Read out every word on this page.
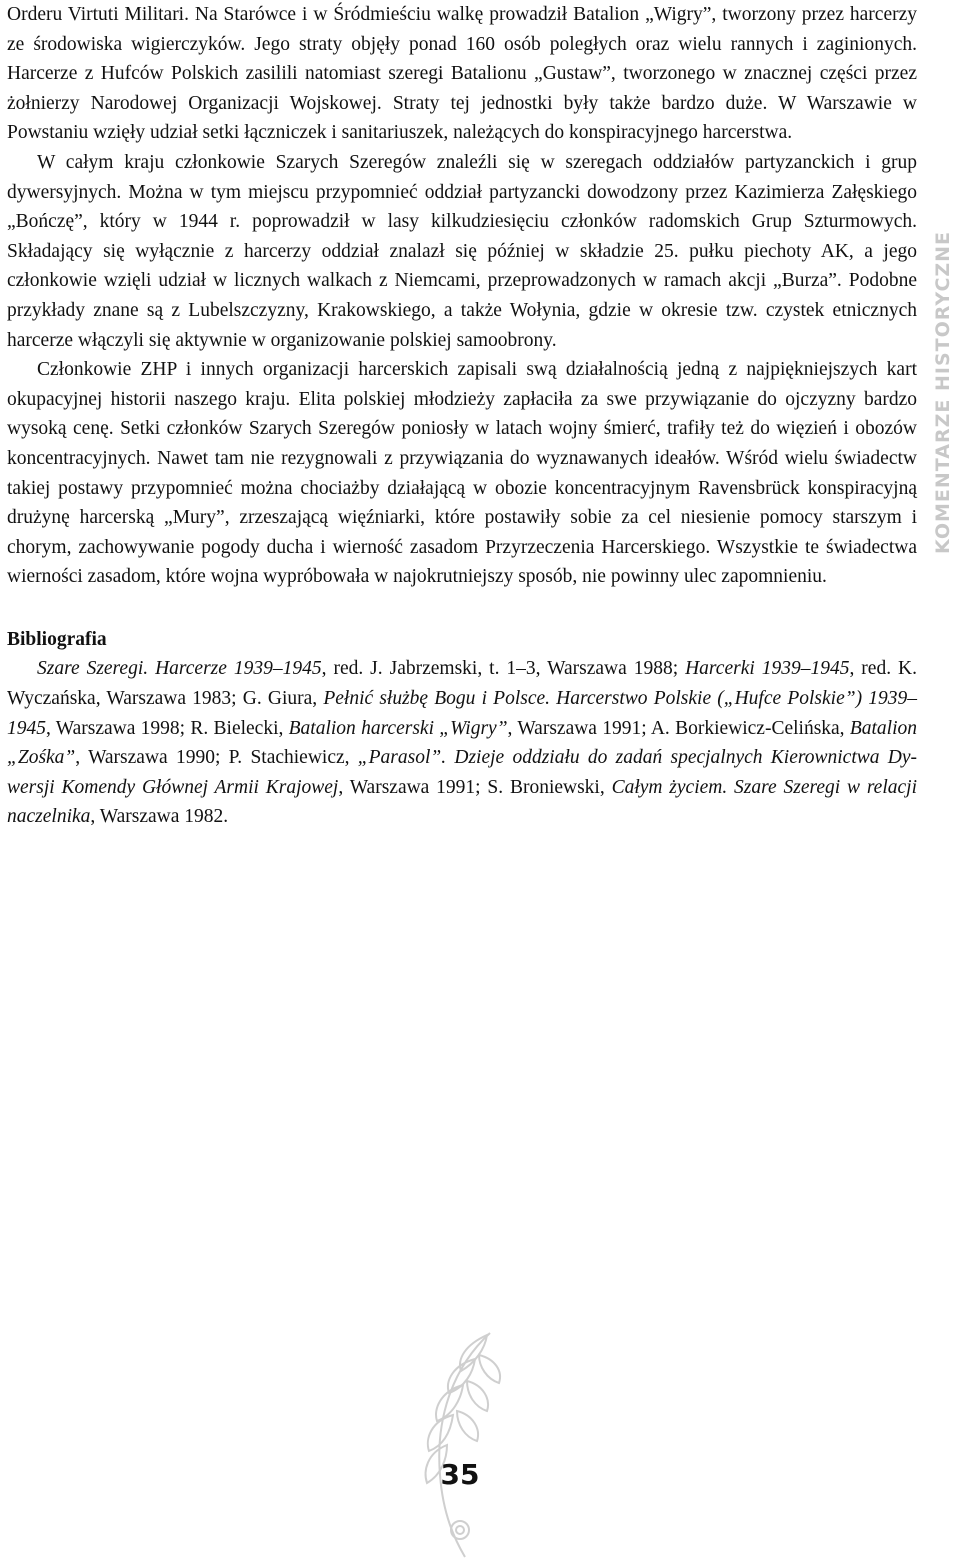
Orderu Virtuti Militari. Na Starówce i w Śródmieściu walkę prowadził Batalion „Wigry”, tworzony przez harcerzy ze środowiska wigierczyków. Jego straty objęły ponad 160 osób poległych oraz wielu rannych i zaginionych. Harcerze z Hufców Polskich zasilili natomiast szeregi Batalionu „Gustaw”, tworzonego w znacznej części przez żołnierzy Narodowej Organizacji Wojskowej. Straty tej jednostki były także bardzo duże. W Warszawie w Powstaniu wzięły udział setki łączniczek i sanitariuszek, należących do konspiracyjnego harcerstwa.

W całym kraju członkowie Szarych Szeregów znaleźli się w szeregach oddziałów partyzanckich i grup dywersyjnych. Można w tym miejscu przypomnieć oddział partyzancki dowodzony przez Kazimierza Załęskiego „Bończę”, który w 1944 r. poprowadził w lasy kilkudziesięciu członków radomskich Grup Szturmowych. Składający się wyłącznie z harcerzy oddział znalazł się później w składzie 25. pułku piechoty AK, a jego członkowie wzięli udział w licznych walkach z Niemcami, przeprowadzonych w ramach akcji „Burza”. Podobne przykłady znane są z Lubelszczyzny, Krakowskiego, a także Wołynia, gdzie w okresie tzw. czystek etnicznych harcerze włączyli się aktywnie w organizowanie polskiej samoobrony.

Członkowie ZHP i innych organizacji harcerskich zapisali swą działalnością jedną z najpiękniejszych kart okupacyjnej historii naszego kraju. Elita polskiej młodzieży zapłaciła za swe przywiązanie do ojczyzny bardzo wysoką cenę. Setki członków Szarych Szeregów poniosły w latach wojny śmierć, trafiły też do więzień i obozów koncentracyjnych. Nawet tam nie rezygnowali z przywiązania do wyznawanych ideałów. Wśród wielu świadectw takiej postawy przypomnieć można chociażby działającą w obozie koncentracyjnym Ravensbrück konspiracyjną drużynę harcerską „Mury”, zrzeszającą więźniarki, które postawiły sobie za cel niesienie pomocy starszym i chorym, zachowywanie pogody ducha i wierność zasadom Przyrzeczenia Harcerskiego. Wszystkie te świadectwa wierności zasadom, które wojna wypróbowała w najokrutniejszy sposób, nie powinny ulec zapomnieniu.

Bibliografia

Szare Szeregi. Harcerze 1939–1945, red. J. Jabrzemski, t. 1–3, Warszawa 1988; Harcerki 1939–1945, red. K. Wyczańska, Warszawa 1983; G. Giura, Pełnić służbę Bogu i Polsce. Harcerstwo Polskie („Hufce Polskie”) 1939–1945, Warszawa 1998; R. Bielecki, Batalion harcerski „Wigry”, Warszawa 1991; A. Borkiewicz-Celińska, Batalion „Zośka”, Warszawa 1990; P. Stachiewicz, „Parasol”. Dzieje oddziału do zadań specjalnych Kierownictwa Dywersji Komendy Głównej Armii Krajowej, Warszawa 1991; S. Broniewski, Całym życiem. Szare Szeregi w relacji naczelnika, Warszawa 1982.

KOMENTARZE HISTORYCZNE
35
